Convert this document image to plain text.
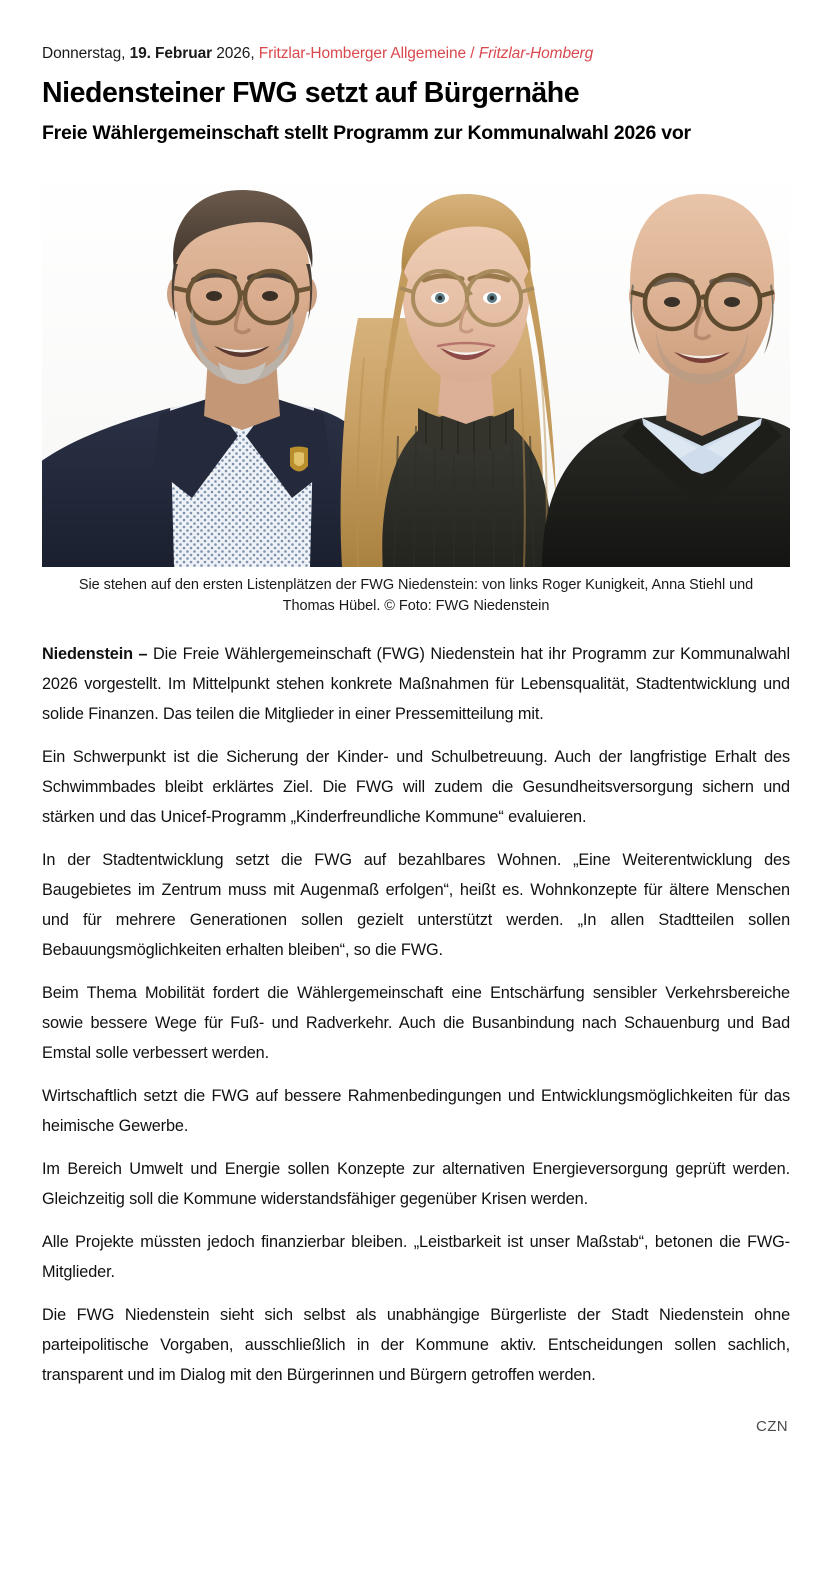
Donnerstag, 19. Februar 2026, Fritzlar-Homberger Allgemeine / Fritzlar-Homberg
Niedensteiner FWG setzt auf Bürgernähe
Freie Wählergemeinschaft stellt Programm zur Kommunalwahl 2026 vor
Sie stehen auf den ersten Listenplätzen der FWG Niedenstein: von links Roger Kunigkeit, Anna Stiehl und Thomas Hübel. © Foto: FWG Niedenstein

Niedenstein – Die Freie Wählergemeinschaft (FWG) Niedenstein hat ihr Programm zur Kommunalwahl 2026 vorgestellt. Im Mittelpunkt stehen konkrete Maßnahmen für Lebensqualität, Stadtentwicklung und solide Finanzen. Das teilen die Mitglieder in einer Pressemitteilung mit.

Ein Schwerpunkt ist die Sicherung der Kinder- und Schulbetreuung. Auch der langfristige Erhalt des Schwimmbades bleibt erklärtes Ziel. Die FWG will zudem die Gesundheitsversorgung sichern und stärken und das Unicef-Programm „Kinderfreundliche Kommune“ evaluieren.

In der Stadtentwicklung setzt die FWG auf bezahlbares Wohnen. „Eine Weiterentwicklung des Baugebietes im Zentrum muss mit Augenmaß erfolgen“, heißt es. Wohnkonzepte für ältere Menschen und für mehrere Generationen sollen gezielt unterstützt werden. „In allen Stadtteilen sollen Bebauungsmöglichkeiten erhalten bleiben“, so die FWG.

Beim Thema Mobilität fordert die Wählergemeinschaft eine Entschärfung sensibler Verkehrsbereiche sowie bessere Wege für Fuß- und Radverkehr. Auch die Busanbindung nach Schauenburg und Bad Emstal solle verbessert werden.

Wirtschaftlich setzt die FWG auf bessere Rahmenbedingungen und Entwicklungsmöglichkeiten für das heimische Gewerbe.

Im Bereich Umwelt und Energie sollen Konzepte zur alternativen Energieversorgung geprüft werden. Gleichzeitig soll die Kommune widerstandsfähiger gegenüber Krisen werden.

Alle Projekte müssten jedoch finanzierbar bleiben. „Leistbarkeit ist unser Maßstab“, betonen die FWG-Mitglieder.

Die FWG Niedenstein sieht sich selbst als unabhängige Bürgerliste der Stadt Niedenstein ohne parteipolitische Vorgaben, ausschließlich in der Kommune aktiv. Entscheidungen sollen sachlich, transparent und im Dialog mit den Bürgerinnen und Bürgern getroffen werden.

CZN
